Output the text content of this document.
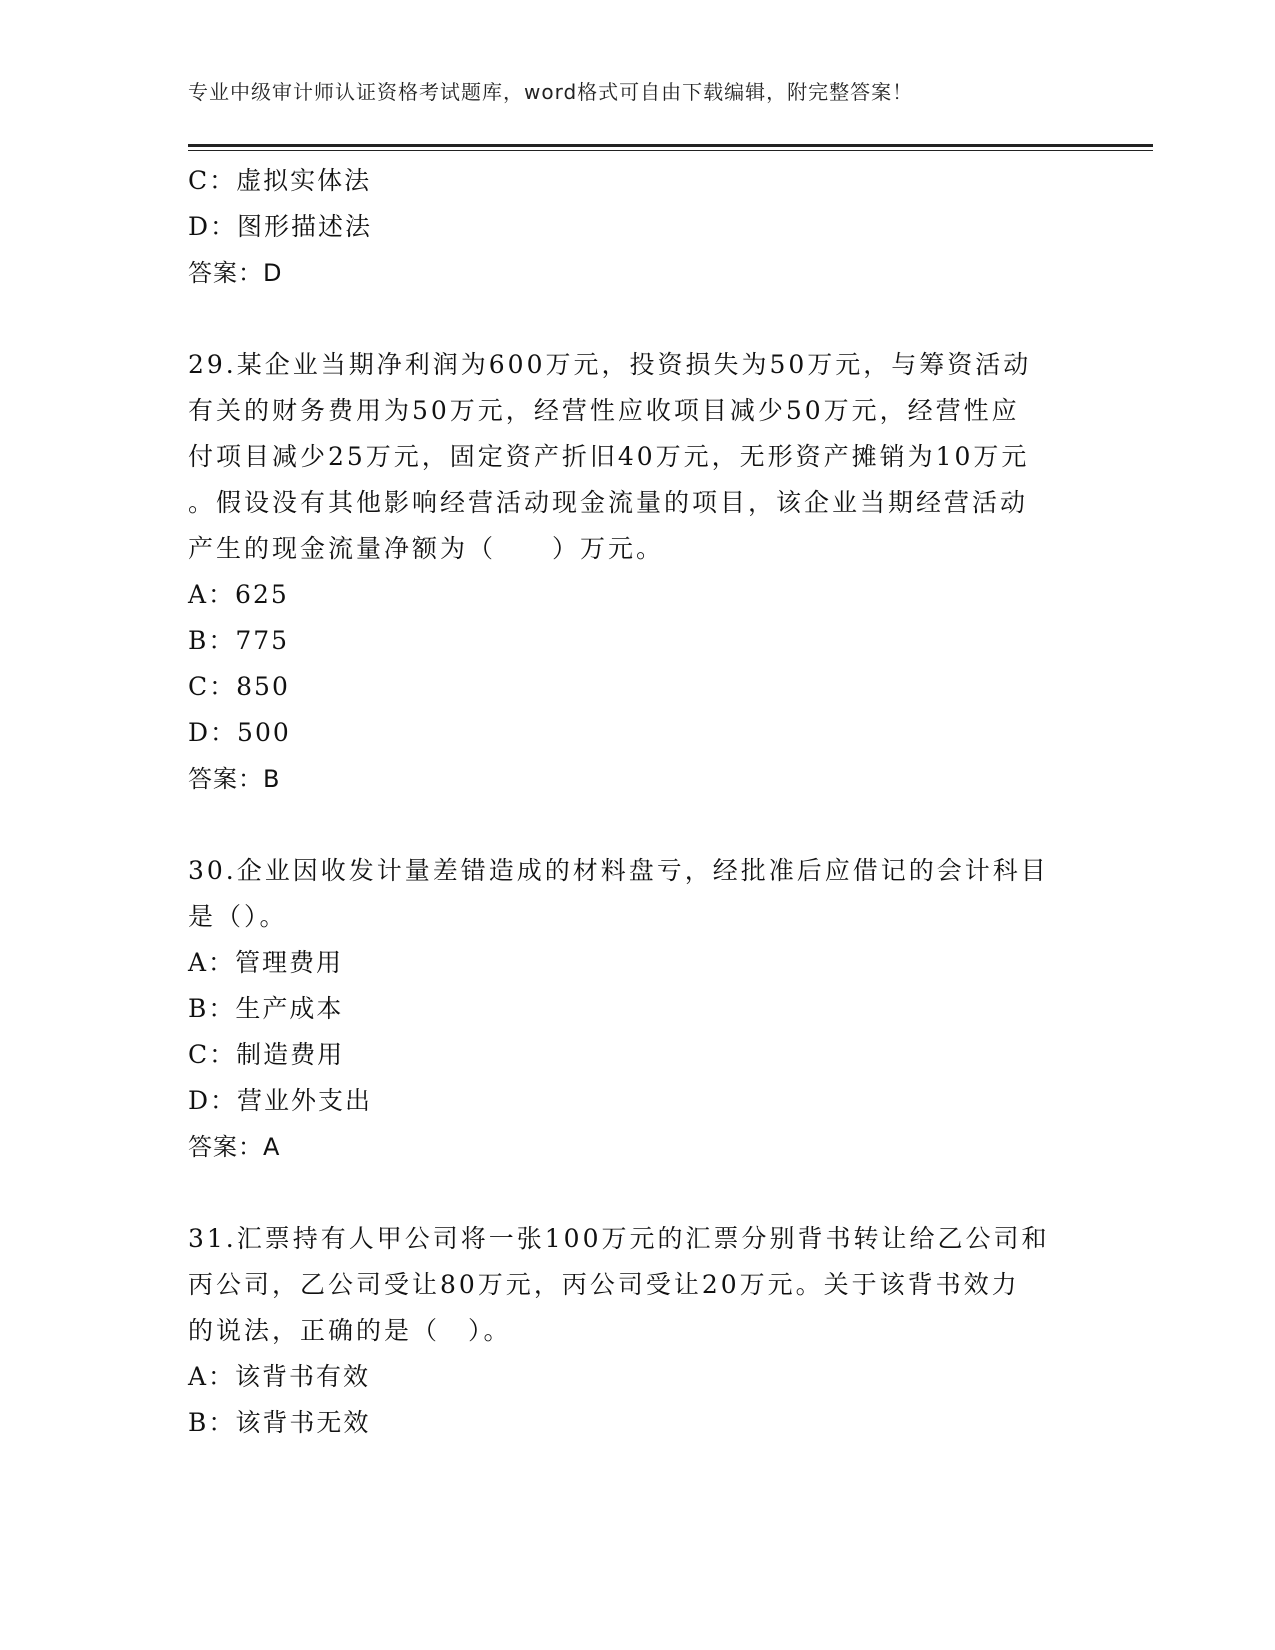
专业中级审计师认证资格考试题库，word格式可自由下载编辑，附完整答案！
C：虚拟实体法
D：图形描述法
答案：D
29.某企业当期净利润为600万元，投资损失为50万元，与筹资活动
有关的财务费用为50万元，经营性应收项目减少50万元，经营性应
付项目减少25万元，固定资产折旧40万元，无形资产摊销为10万元
。假设没有其他影响经营活动现金流量的项目，该企业当期经营活动
产生的现金流量净额为（　　）万元。
A：625
B：775
C：850
D：500
答案：B
30.企业因收发计量差错造成的材料盘亏，经批准后应借记的会计科目
是（）。
A：管理费用
B：生产成本
C：制造费用
D：营业外支出
答案：A
31.汇票持有人甲公司将一张100万元的汇票分别背书转让给乙公司和
丙公司，乙公司受让80万元，丙公司受让20万元。关于该背书效力
的说法，正确的是（　）。
A：该背书有效
B：该背书无效
